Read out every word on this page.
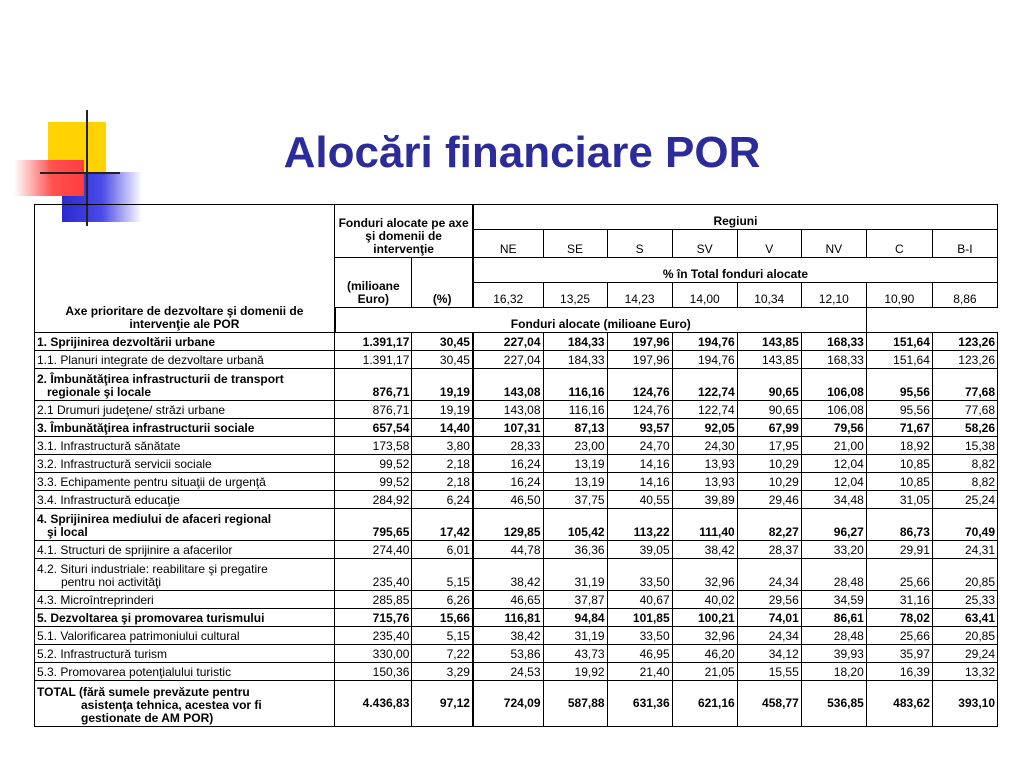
Alocări financiare POR
Axe prioritare de dezvoltare şi domenii de intervenţie ale POR	Fonduri alocate pe axe şi domenii de intervenţie		Regiuni							
			NE	SE	S	SV	V	NV	C	B-I
	(milioane Euro)	(%)	% în Total fonduri alocate							
			16,32	13,25	14,23	14,00	10,34	12,10	10,90	8,86
	Fonduri alocate (milioane Euro)									

1. Sprijinirea dezvoltării urbane	1.391,17	30,45	227,04	184,33	197,96	194,76	143,85	168,33	151,64	123,26

1.1. Planuri integrate de dezvoltare urbană	1.391,17	30,45	227,04	184,33	197,96	194,76	143,85	168,33	151,64	123,26

2. Îmbunătăţirea infrastructurii de transport
regionale şi locale	876,71	19,19	143,08	116,16	124,76	122,74	90,65	106,08	95,56	77,68

2.1 Drumuri judeţene/ străzi urbane	876,71	19,19	143,08	116,16	124,76	122,74	90,65	106,08	95,56	77,68

3. Îmbunătăţirea infrastructurii sociale	657,54	14,40	107,31	87,13	93,57	92,05	67,99	79,56	71,67	58,26

3.1. Infrastructură sănătate	173,58	3,80	28,33	23,00	24,70	24,30	17,95	21,00	18,92	15,38

3.2. Infrastructură servicii sociale	99,52	2,18	16,24	13,19	14,16	13,93	10,29	12,04	10,85	8,82

3.3. Echipamente pentru situaţii de urgenţă	99,52	2,18	16,24	13,19	14,16	13,93	10,29	12,04	10,85	8,82

3.4. Infrastructură educaţie	284,92	6,24	46,50	37,75	40,55	39,89	29,46	34,48	31,05	25,24

4. Sprijinirea mediului de afaceri regional
şi local	795,65	17,42	129,85	105,42	113,22	111,40	82,27	96,27	86,73	70,49

4.1. Structuri de sprijinire a afacerilor	274,40	6,01	44,78	36,36	39,05	38,42	28,37	33,20	29,91	24,31

4.2. Situri industriale: reabilitare şi pregatire
pentru noi activităţi	235,40	5,15	38,42	31,19	33,50	32,96	24,34	28,48	25,66	20,85

4.3. Microîntreprinderi	285,85	6,26	46,65	37,87	40,67	40,02	29,56	34,59	31,16	25,33

5. Dezvoltarea şi promovarea turismului	715,76	15,66	116,81	94,84	101,85	100,21	74,01	86,61	78,02	63,41

5.1. Valorificarea patrimoniului cultural	235,40	5,15	38,42	31,19	33,50	32,96	24,34	28,48	25,66	20,85

5.2. Infrastructură turism	330,00	7,22	53,86	43,73	46,95	46,20	34,12	39,93	35,97	29,24

5.3. Promovarea potenţialului turistic	150,36	3,29	24,53	19,92	21,40	21,05	15,55	18,20	16,39	13,32

TOTAL (fără sumele prevăzute pentru
asistenţa tehnica, acestea vor fi
gestionate de AM POR)	4.436,83	97,12	724,09	587,88	631,36	621,16	458,77	536,85	483,62	393,10
